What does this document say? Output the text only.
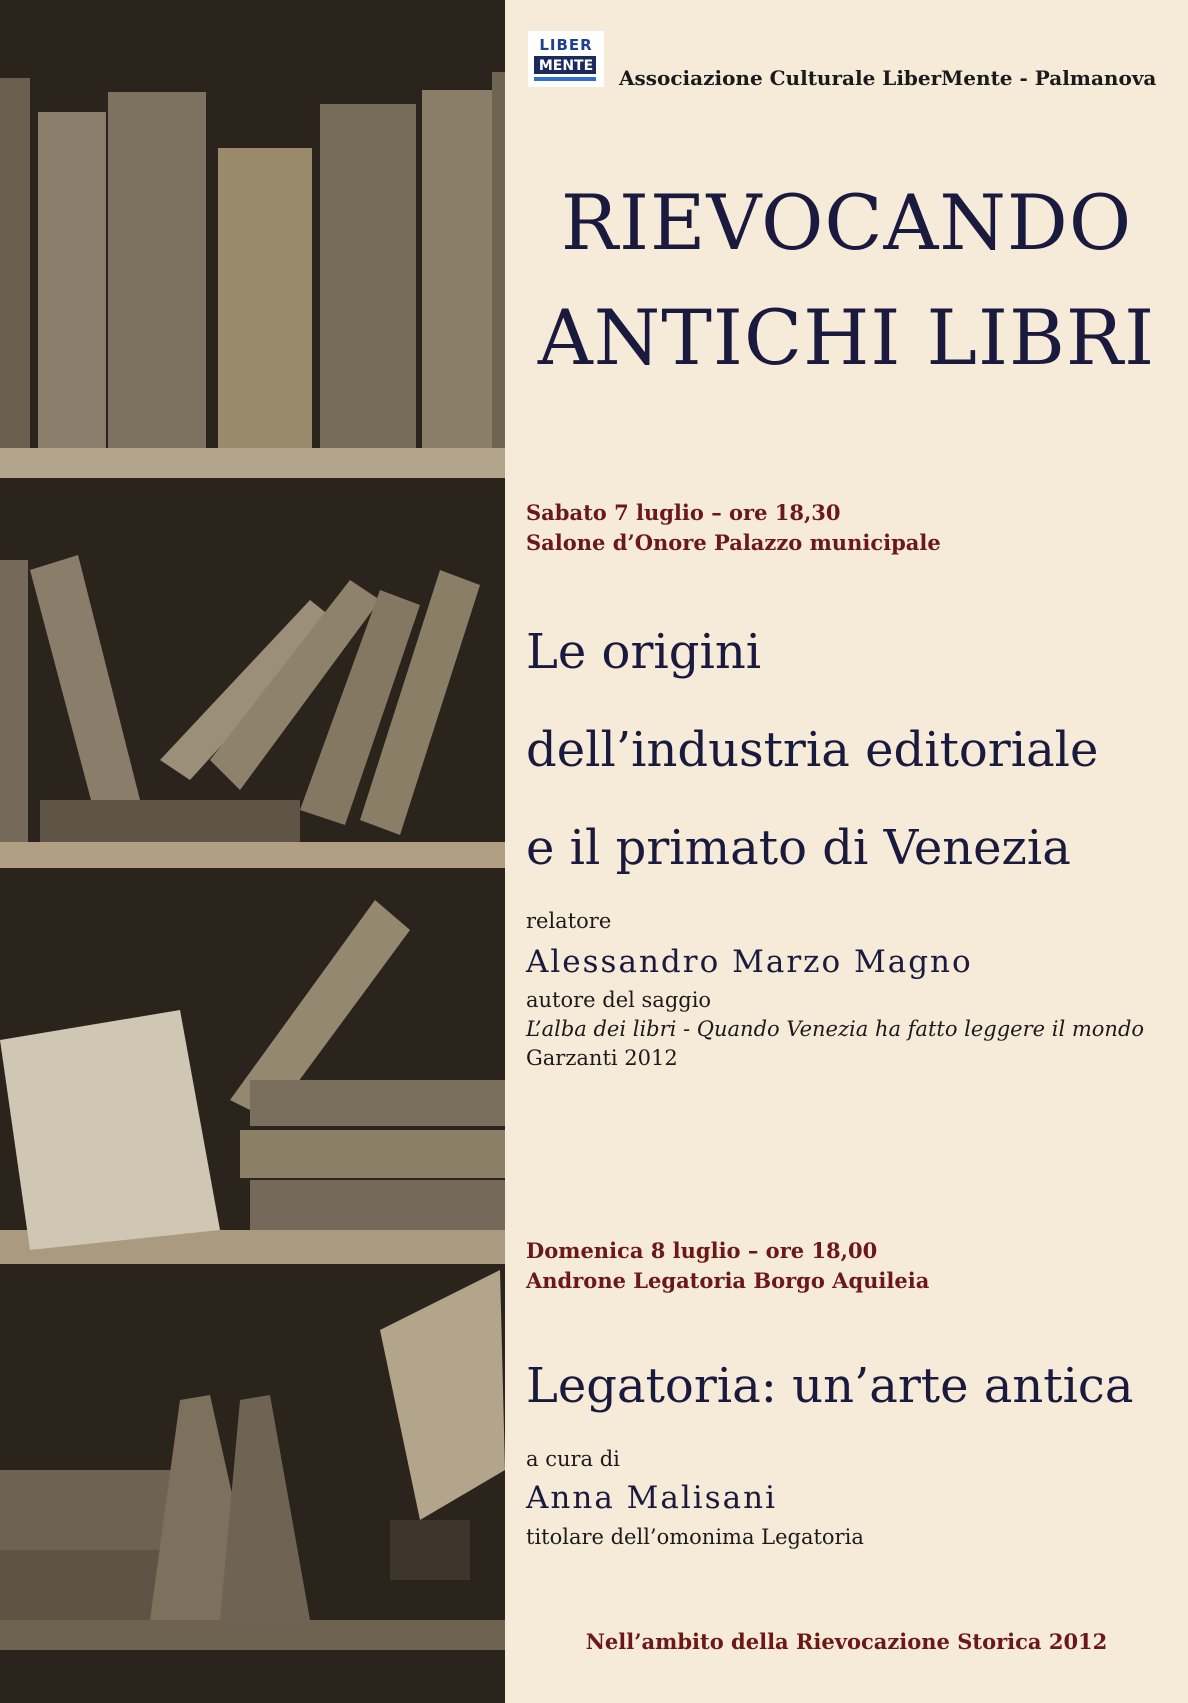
LIBER
MENTE Associazione Culturale LiberMente - Palmanova
RIEVOCANDO
ANTICHI LIBRI
Sabato 7 luglio – ore 18,30
Salone d’Onore Palazzo municipale
Le origini
dell’industria editoriale
e il primato di Venezia
relatore
Alessandro Marzo Magno
autore del saggio
L’alba dei libri - Quando Venezia ha fatto leggere il mondo
Garzanti 2012
Domenica 8 luglio – ore 18,00
Androne Legatoria Borgo Aquileia
Legatoria: un’arte antica
a cura di
Anna Malisani
titolare dell’omonima Legatoria
Nell’ambito della Rievocazione Storica 2012
